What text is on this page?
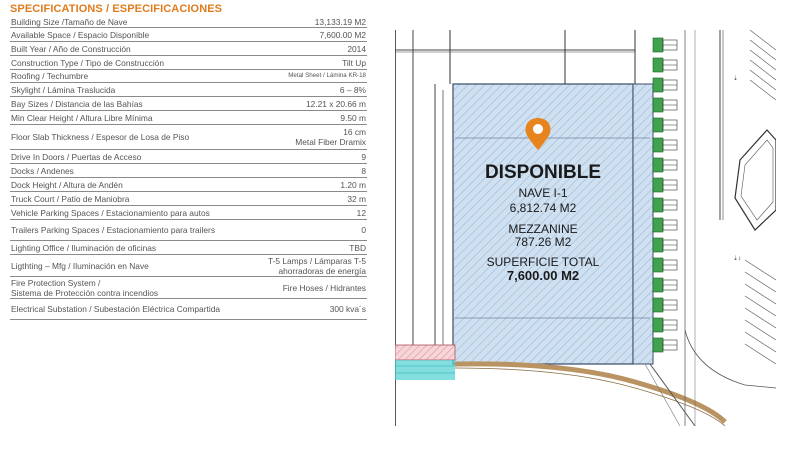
SPECIFICATIONS / ESPECIFICACIONES
Building Size /Tamaño de Nave	13,133.19 M2
Available Space / Espacio Disponible	7,600.00 M2
Built Year / Año de Construcción	2014
Construction Type / Tipo de Construcción	Tilt Up
Roofing / Techumbre	Metal Sheet / Lámina KR-18
Skylight / Lámina Traslucida	6 – 8%
Bay Sizes / Distancia de las Bahías	12.21 x 20.66 m
Min Clear Height / Altura Libre Mínima	9.50 m
Floor Slab Thickness / Espesor de Losa de Piso	16 cm
Metal Fiber Dramix
Drive In Doors / Puertas de Acceso	9
Docks / Andenes	8
Dock Height / Altura de Andén	1.20 m
Truck Court / Patio de Maniobra	32 m
Vehicle Parking Spaces / Estacionamiento para autos	12
Trailers Parking Spaces / Estacionamiento para trailers	0
Lighting Office / Iluminación de oficinas	TBD
Ligthting – Mfg / Iluminación en Nave	T-5 Lamps / Lámparas T-5
ahorradoras de energía
Fire Protection System /
Sistema de Protección contra incendios	Fire Hoses / Hidrantes
Electrical Substation / Subestación Eléctrica Compartida	300 kva´s
⇣
⇣↕
DISPONIBLE
NAVE I-1
6,812.74 M2
MEZZANINE
787.26 M2
SUPERFICIE TOTAL
7,600.00 M2
